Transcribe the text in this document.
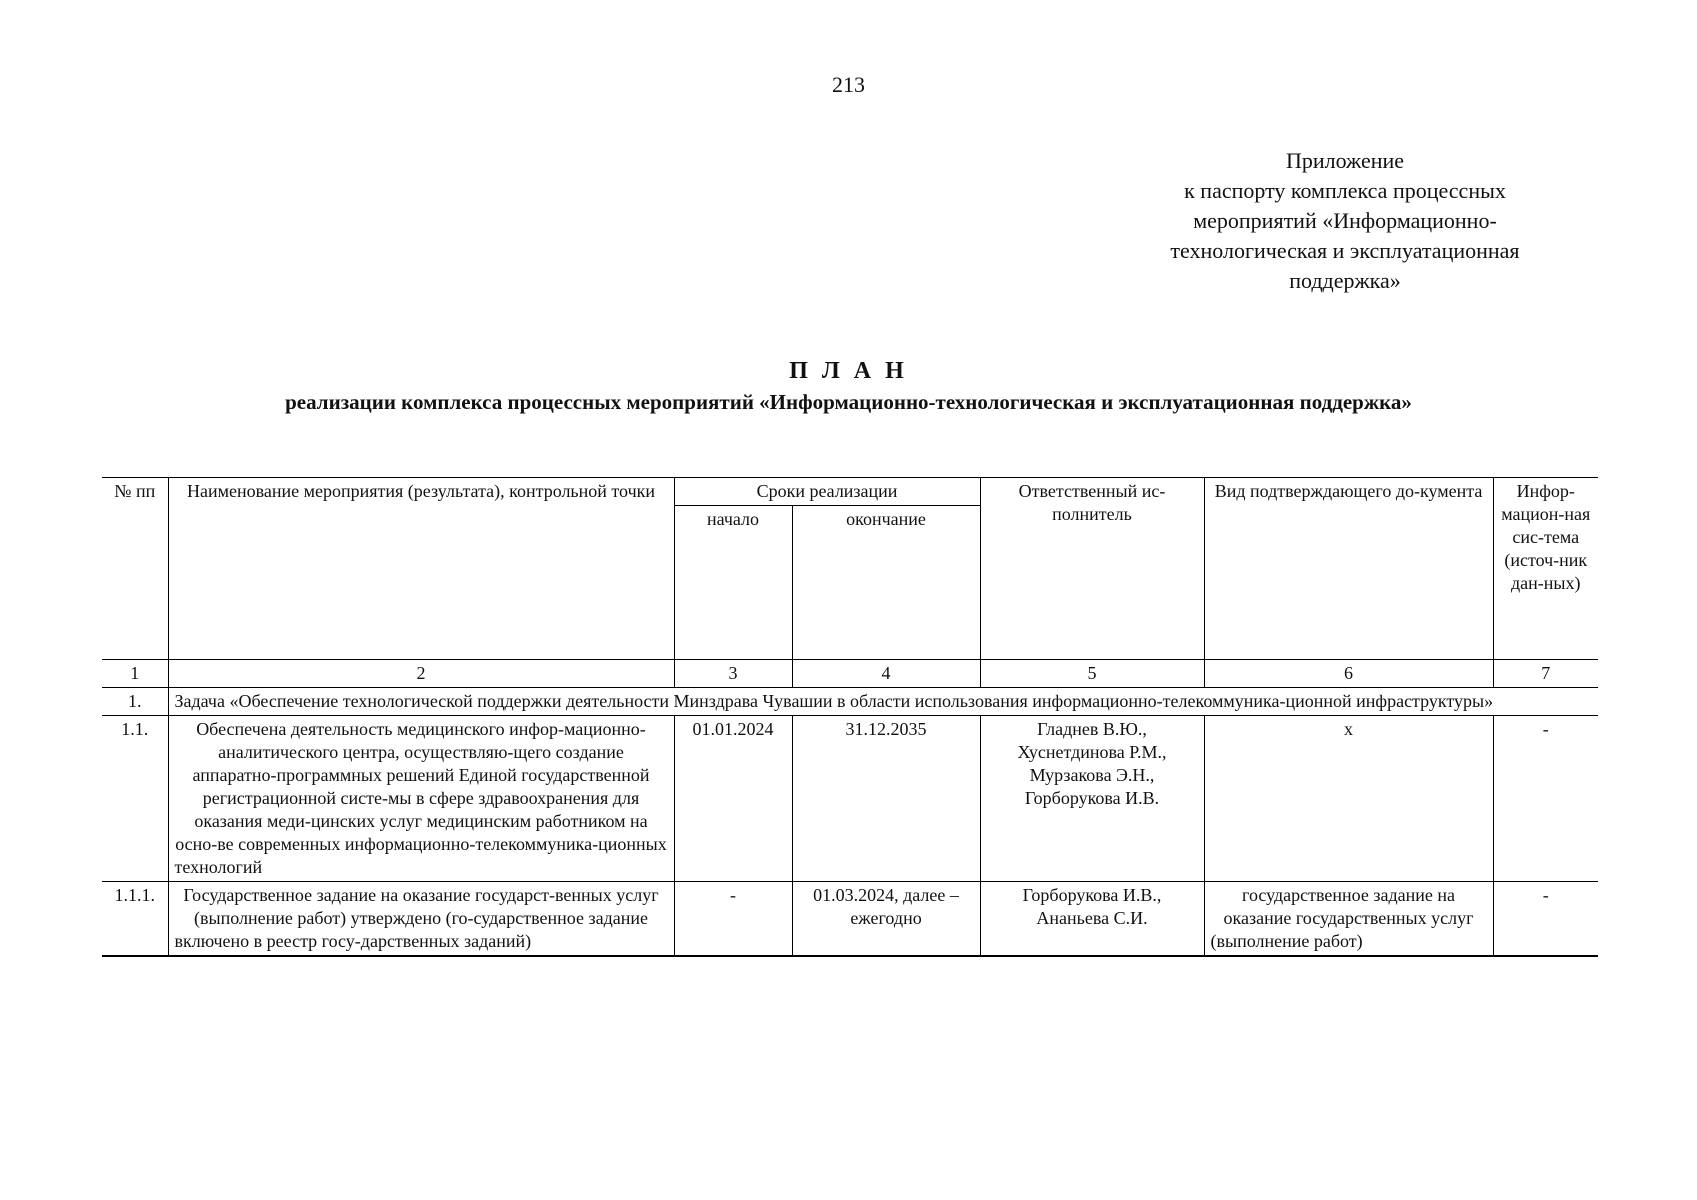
213
Приложение
к паспорту комплекса процессных
мероприятий «Информационно-
технологическая и эксплуатационная
поддержка»
П Л А Н
реализации комплекса процессных мероприятий «Информационно-технологическая и эксплуатационная поддержка»
№ пп	Наименование мероприятия (результата), контрольной точки	Сроки реализации		Ответственный ис-полнитель	Вид подтверждающего до-кумента	Инфор-мацион-ная сис-тема (источ-ник дан-ных)
		начало	окончание			
1	2	3	4	5	6	7
1.	Задача «Обеспечение технологической поддержки деятельности Минздрава Чувашии в области использования информационно-телекоммуника-ционной инфраструктуры»					
1.1.	Обеспечена деятельность медицинского инфор-мационно-аналитического центра, осуществляю-щего создание аппаратно-программных решений Единой государственной регистрационной систе-мы в сфере здравоохранения для оказания меди-цинских услуг медицинским работником на осно-ве современных информационно-телекоммуника-ционных технологий	01.01.2024	31.12.2035	Гладнев В.Ю., Хуснетдинова Р.М., Мурзакова Э.Н., Горборукова И.В.	х	-
1.1.1.	Государственное задание на оказание государст-венных услуг (выполнение работ) утверждено (го-сударственное задание включено в реестр госу-дарственных заданий)	-	01.03.2024, далее – ежегодно	Горборукова И.В., Ананьева С.И.	государственное задание на оказание государственных услуг (выполнение работ)	-
